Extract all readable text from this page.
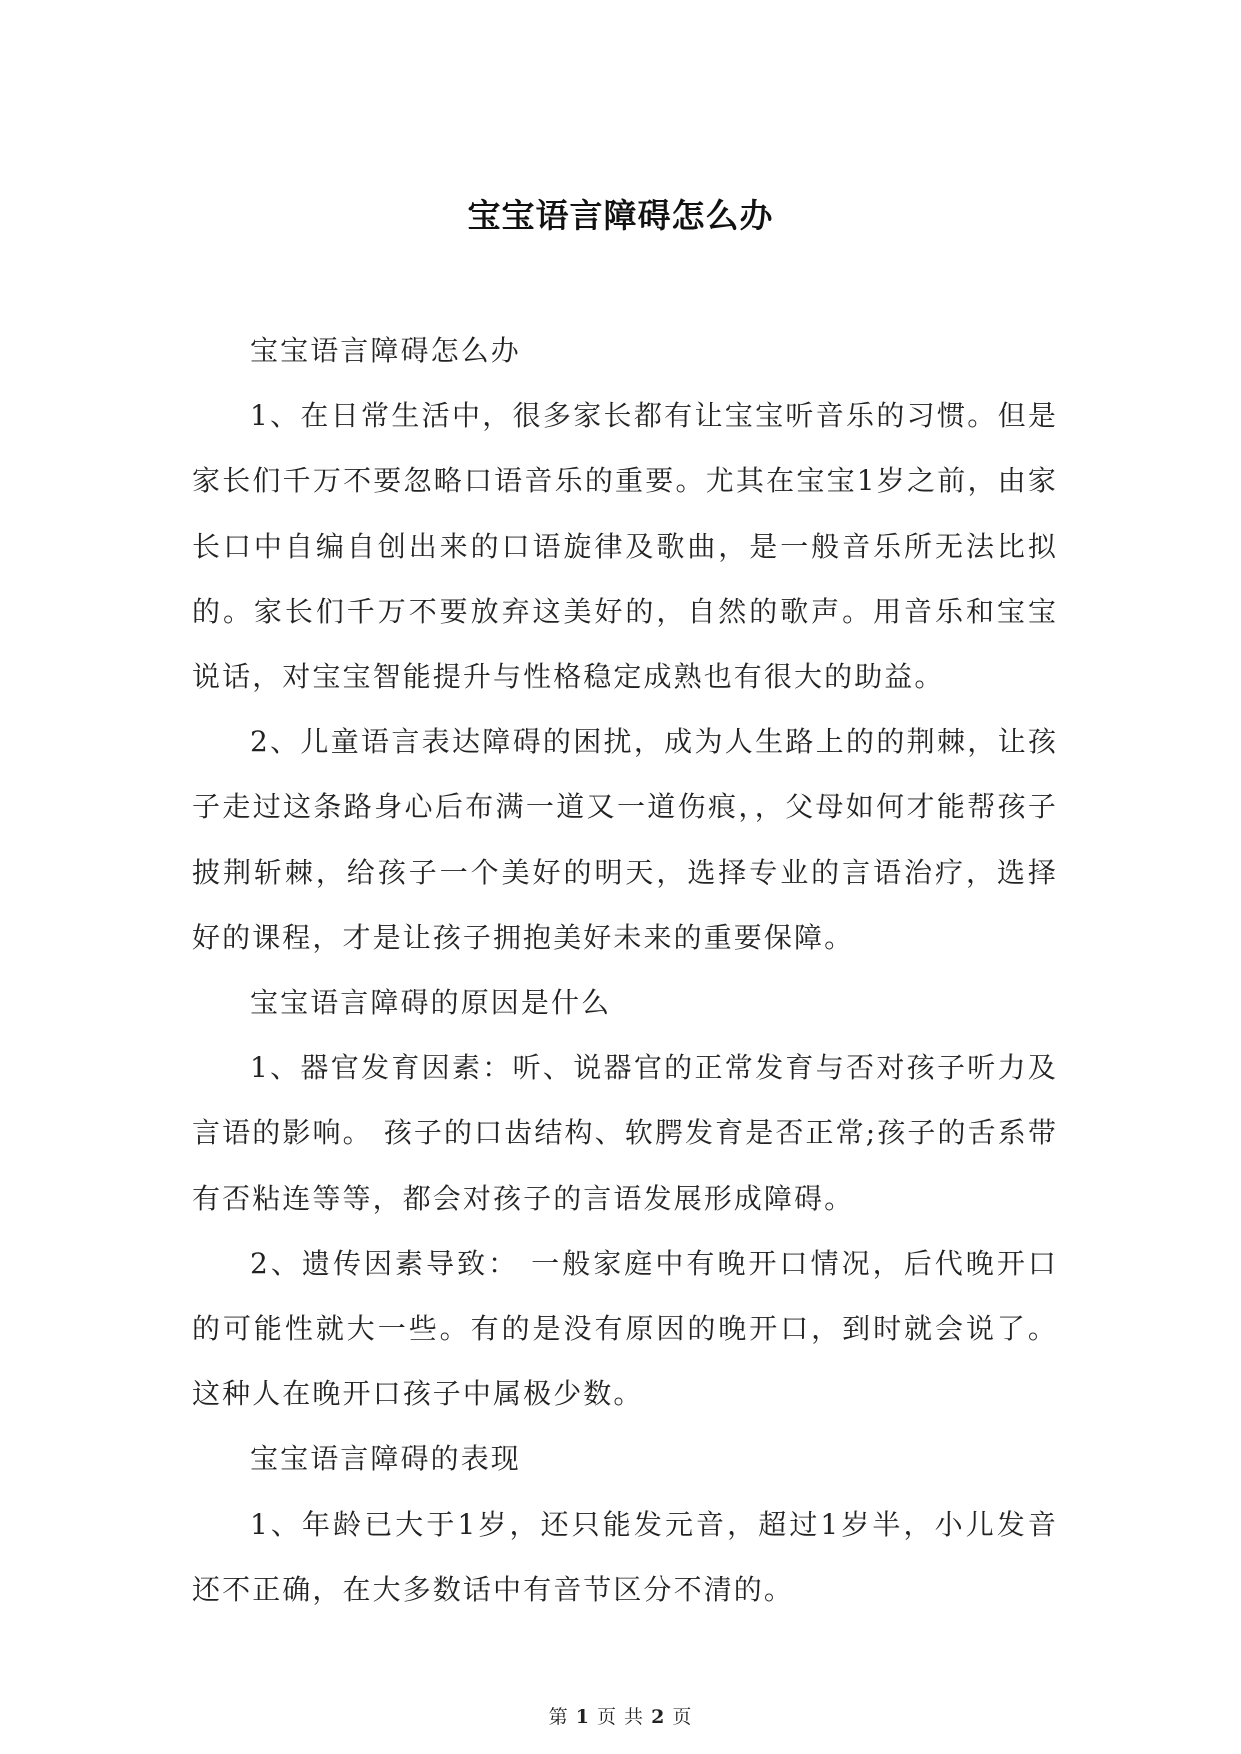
宝宝语言障碍怎么办

宝宝语言障碍怎么办

1、在日常生活中，很多家长都有让宝宝听音乐的习惯。但是家长们千万不要忽略口语音乐的重要。尤其在宝宝1岁之前，由家长口中自编自创出来的口语旋律及歌曲，是一般音乐所无法比拟的。家长们千万不要放弃这美好的，自然的歌声。用音乐和宝宝说话，对宝宝智能提升与性格稳定成熟也有很大的助益。

2、儿童语言表达障碍的困扰，成为人生路上的的荆棘，让孩子走过这条路身心后布满一道又一道伤痕，，父母如何才能帮孩子披荆斩棘，给孩子一个美好的明天，选择专业的言语治疗，选择好的课程，才是让孩子拥抱美好未来的重要保障。

宝宝语言障碍的原因是什么

1、器官发育因素：听、说器官的正常发育与否对孩子听力及言语的影响。 孩子的口齿结构、软腭发育是否正常;孩子的舌系带有否粘连等等，都会对孩子的言语发展形成障碍。

2、遗传因素导致： 一般家庭中有晚开口情况，后代晚开口的可能性就大一些。有的是没有原因的晚开口，到时就会说了。这种人在晚开口孩子中属极少数。

宝宝语言障碍的表现

1、年龄已大于1岁，还只能发元音，超过1岁半，小儿发音还不正确，在大多数话中有音节区分不清的。

第 1 页 共 2 页
